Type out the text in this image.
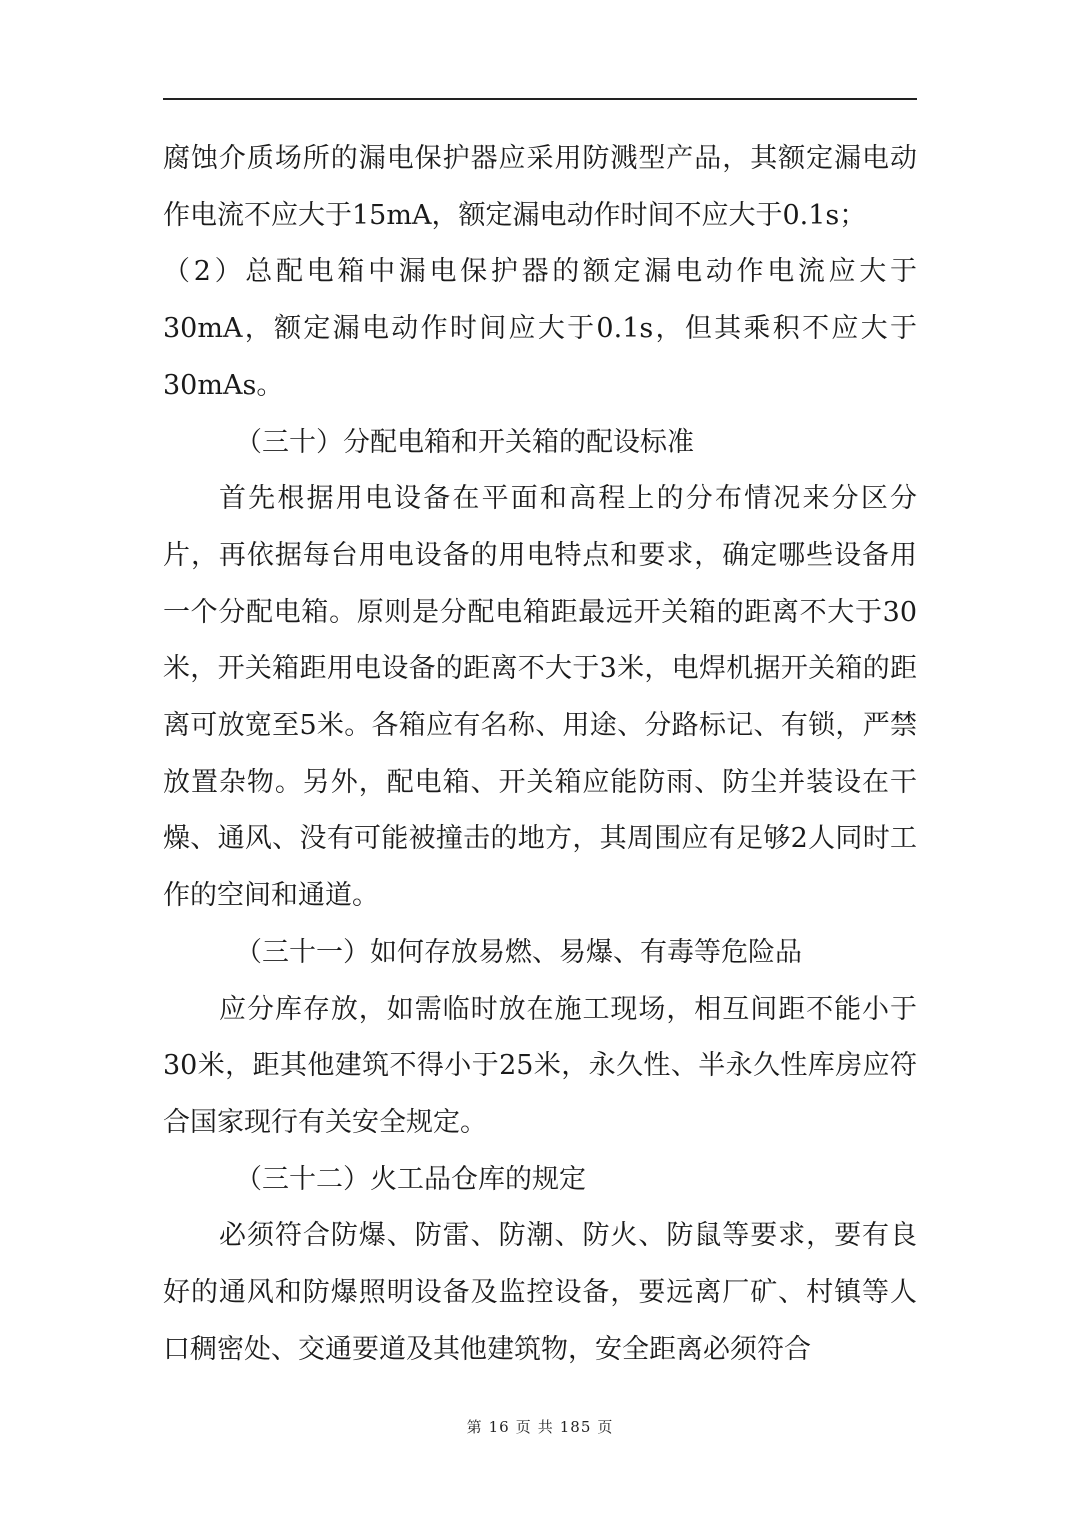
腐蚀介质场所的漏电保护器应采用防溅型产品，其额定漏电动作电流不应大于15mA，额定漏电动作时间不应大于0.1s；

（2）总配电箱中漏电保护器的额定漏电动作电流应大于30mA，额定漏电动作时间应大于0.1s，但其乘积不应大于30mAs。

（三十）分配电箱和开关箱的配设标准

首先根据用电设备在平面和高程上的分布情况来分区分片，再依据每台用电设备的用电特点和要求，确定哪些设备用一个分配电箱。原则是分配电箱距最远开关箱的距离不大于30米，开关箱距用电设备的距离不大于3米，电焊机据开关箱的距离可放宽至5米。各箱应有名称、用途、分路标记、有锁，严禁放置杂物。另外，配电箱、开关箱应能防雨、防尘并装设在干燥、通风、没有可能被撞击的地方，其周围应有足够2人同时工作的空间和通道。

（三十一）如何存放易燃、易爆、有毒等危险品

应分库存放，如需临时放在施工现场，相互间距不能小于30米，距其他建筑不得小于25米，永久性、半永久性库房应符合国家现行有关安全规定。

（三十二）火工品仓库的规定

必须符合防爆、防雷、防潮、防火、防鼠等要求，要有良好的通风和防爆照明设备及监控设备，要远离厂矿、村镇等人口稠密处、交通要道及其他建筑物，安全距离必须符合

第 16 页 共 185 页
